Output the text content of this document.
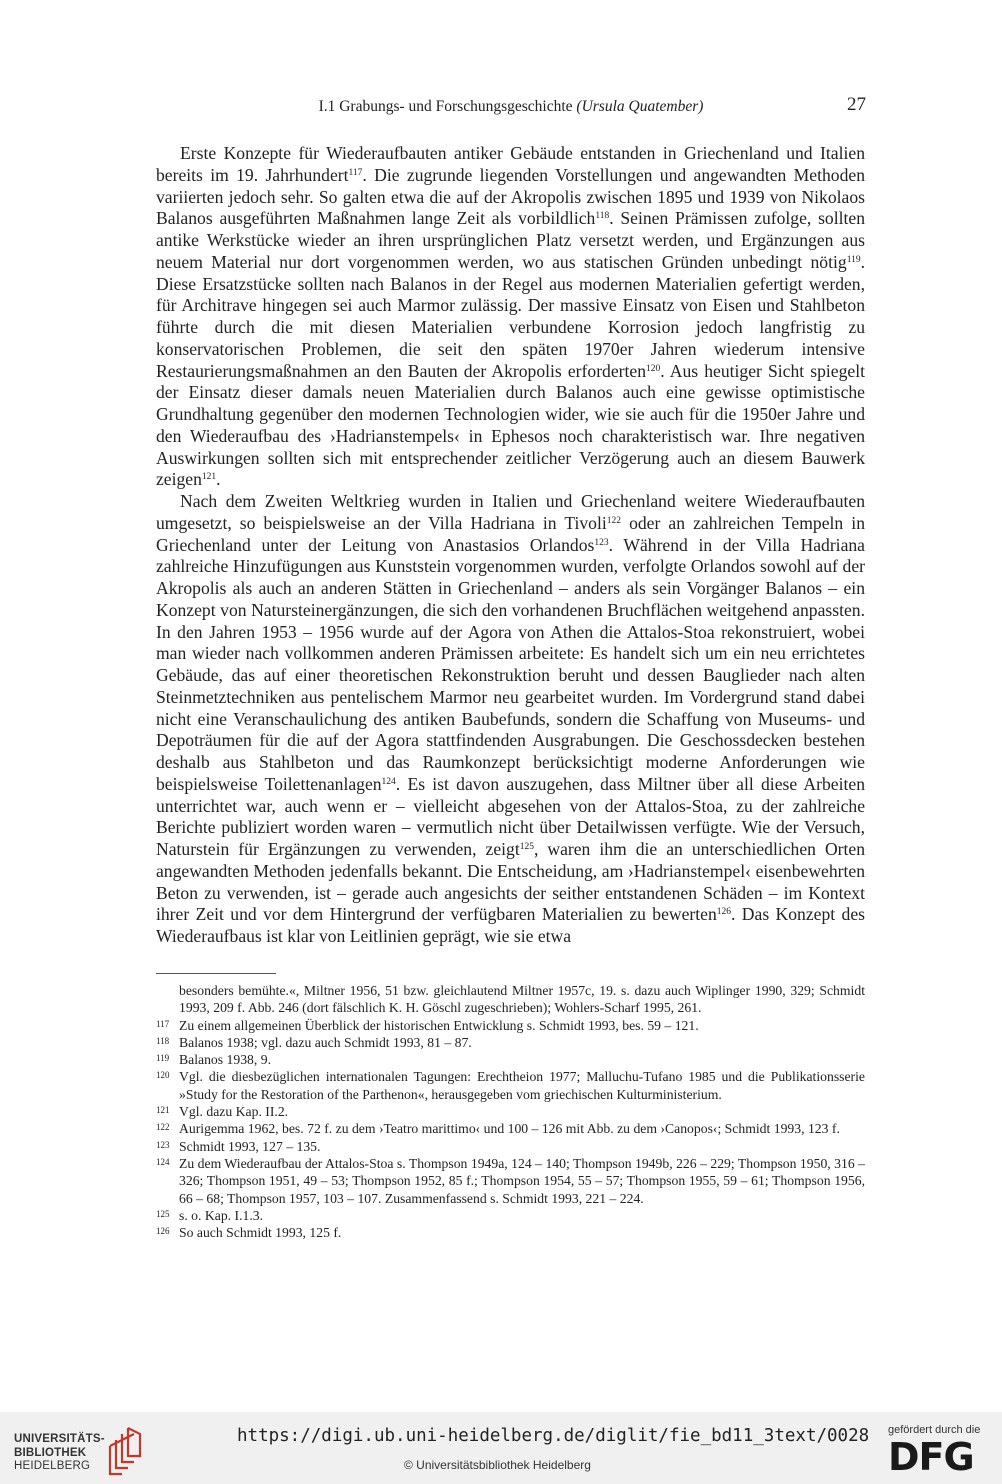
I.1 Grabungs- und Forschungsgeschichte (Ursula Quatember)	27

Erste Konzepte für Wiederaufbauten antiker Gebäude entstanden in Griechenland und Italien bereits im 19. Jahrhundert$^{117}$. Die zugrunde liegenden Vorstellungen und angewandten Methoden variierten jedoch sehr. So galten etwa die auf der Akropolis zwischen 1895 und 1939 von Nikolaos Balanos ausgeführten Maßnahmen lange Zeit als vorbildlich$^{118}$. Seinen Prämissen zufolge, sollten antike Werkstücke wieder an ihren ursprünglichen Platz versetzt werden, und Ergänzungen aus neuem Material nur dort vorgenommen werden, wo aus statischen Gründen unbedingt nötig$^{119}$. Diese Ersatzstücke sollten nach Balanos in der Regel aus modernen Materialien gefertigt werden, für Architrave hingegen sei auch Marmor zulässig. Der massive Einsatz von Eisen und Stahlbeton führte durch die mit diesen Materialien verbundene Korrosion jedoch langfristig zu konservatorischen Problemen, die seit den späten 1970er Jahren wiederum intensive Restaurierungsmaßnahmen an den Bauten der Akropolis erforderten$^{120}$. Aus heutiger Sicht spiegelt der Einsatz dieser damals neuen Materialien durch Balanos auch eine gewisse optimistische Grundhaltung gegenüber den modernen Technologien wider, wie sie auch für die 1950er Jahre und den Wiederaufbau des ›Hadrianstempels‹ in Ephesos noch charakteristisch war. Ihre negativen Auswirkungen sollten sich mit entsprechender zeitlicher Verzögerung auch an diesem Bauwerk zeigen$^{121}$.

Nach dem Zweiten Weltkrieg wurden in Italien und Griechenland weitere Wiederaufbauten umgesetzt, so beispielsweise an der Villa Hadriana in Tivoli$^{122}$ oder an zahlreichen Tempeln in Griechenland unter der Leitung von Anastasios Orlandos$^{123}$. Während in der Villa Hadriana zahlreiche Hinzufügungen aus Kunststein vorgenommen wurden, verfolgte Orlandos sowohl auf der Akropolis als auch an anderen Stätten in Griechenland – anders als sein Vorgänger Balanos – ein Konzept von Natursteinergänzungen, die sich den vorhandenen Bruchflächen weitgehend anpassten. In den Jahren 1953 – 1956 wurde auf der Agora von Athen die Attalos-Stoa rekonstruiert, wobei man wieder nach vollkommen anderen Prämissen arbeitete: Es handelt sich um ein neu errichtetes Gebäude, das auf einer theoretischen Rekonstruktion beruht und dessen Bauglieder nach alten Steinmetztechniken aus pentelischem Marmor neu gearbeitet wurden. Im Vordergrund stand dabei nicht eine Veranschaulichung des antiken Baubefunds, sondern die Schaffung von Museums- und Depoträumen für die auf der Agora stattfindenden Ausgrabungen. Die Geschossdecken bestehen deshalb aus Stahlbeton und das Raumkonzept berücksichtigt moderne Anforderungen wie beispielsweise Toilettenanlagen$^{124}$. Es ist davon auszugehen, dass Miltner über all diese Arbeiten unterrichtet war, auch wenn er – vielleicht abgesehen von der Attalos-Stoa, zu der zahlreiche Berichte publiziert worden waren – vermutlich nicht über Detailwissen verfügte. Wie der Versuch, Naturstein für Ergänzungen zu verwenden, zeigt$^{125}$, waren ihm die an unterschiedlichen Orten angewandten Methoden jedenfalls bekannt. Die Entscheidung, am ›Hadrianstempel‹ eisenbewehrten Beton zu verwenden, ist – gerade auch angesichts der seither entstandenen Schäden – im Kontext ihrer Zeit und vor dem Hintergrund der verfügbaren Materialien zu bewerten$^{126}$. Das Konzept des Wiederaufbaus ist klar von Leitlinien geprägt, wie sie etwa

besonders bemühte.«, Miltner 1956, 51 bzw. gleichlautend Miltner 1957c, 19. s. dazu auch Wiplinger 1990, 329; Schmidt 1993, 209 f. Abb. 246 (dort fälschlich K. H. Göschl zugeschrieben); Wohlers-Scharf 1995, 261.
117 Zu einem allgemeinen Überblick der historischen Entwicklung s. Schmidt 1993, bes. 59 – 121.
118 Balanos 1938; vgl. dazu auch Schmidt 1993, 81 – 87.
119 Balanos 1938, 9.
120 Vgl. die diesbezüglichen internationalen Tagungen: Erechtheion 1977; Malluchu-Tufano 1985 und die Publikationsserie »Study for the Restoration of the Parthenon«, herausgegeben vom griechischen Kulturministerium.
121 Vgl. dazu Kap. II.2.
122 Aurigemma 1962, bes. 72 f. zu dem ›Teatro marittimo‹ und 100 – 126 mit Abb. zu dem ›Canopos‹; Schmidt 1993, 123 f.
123 Schmidt 1993, 127 – 135.
124 Zu dem Wiederaufbau der Attalos-Stoa s. Thompson 1949a, 124 – 140; Thompson 1949b, 226 – 229; Thompson 1950, 316 – 326; Thompson 1951, 49 – 53; Thompson 1952, 85 f.; Thompson 1954, 55 – 57; Thompson 1955, 59 – 61; Thompson 1956, 66 – 68; Thompson 1957, 103 – 107. Zusammenfassend s. Schmidt 1993, 221 – 224.
125 s. o. Kap. I.1.3.
126 So auch Schmidt 1993, 125 f.
UNIVERSITÄTS-
BIBLIOTHEK
HEIDELBERG
https://digi.ub.uni-heidelberg.de/diglit/fie_bd11_3text/0028
© Universitätsbibliothek Heidelberg
gefördert durch die
DFG
